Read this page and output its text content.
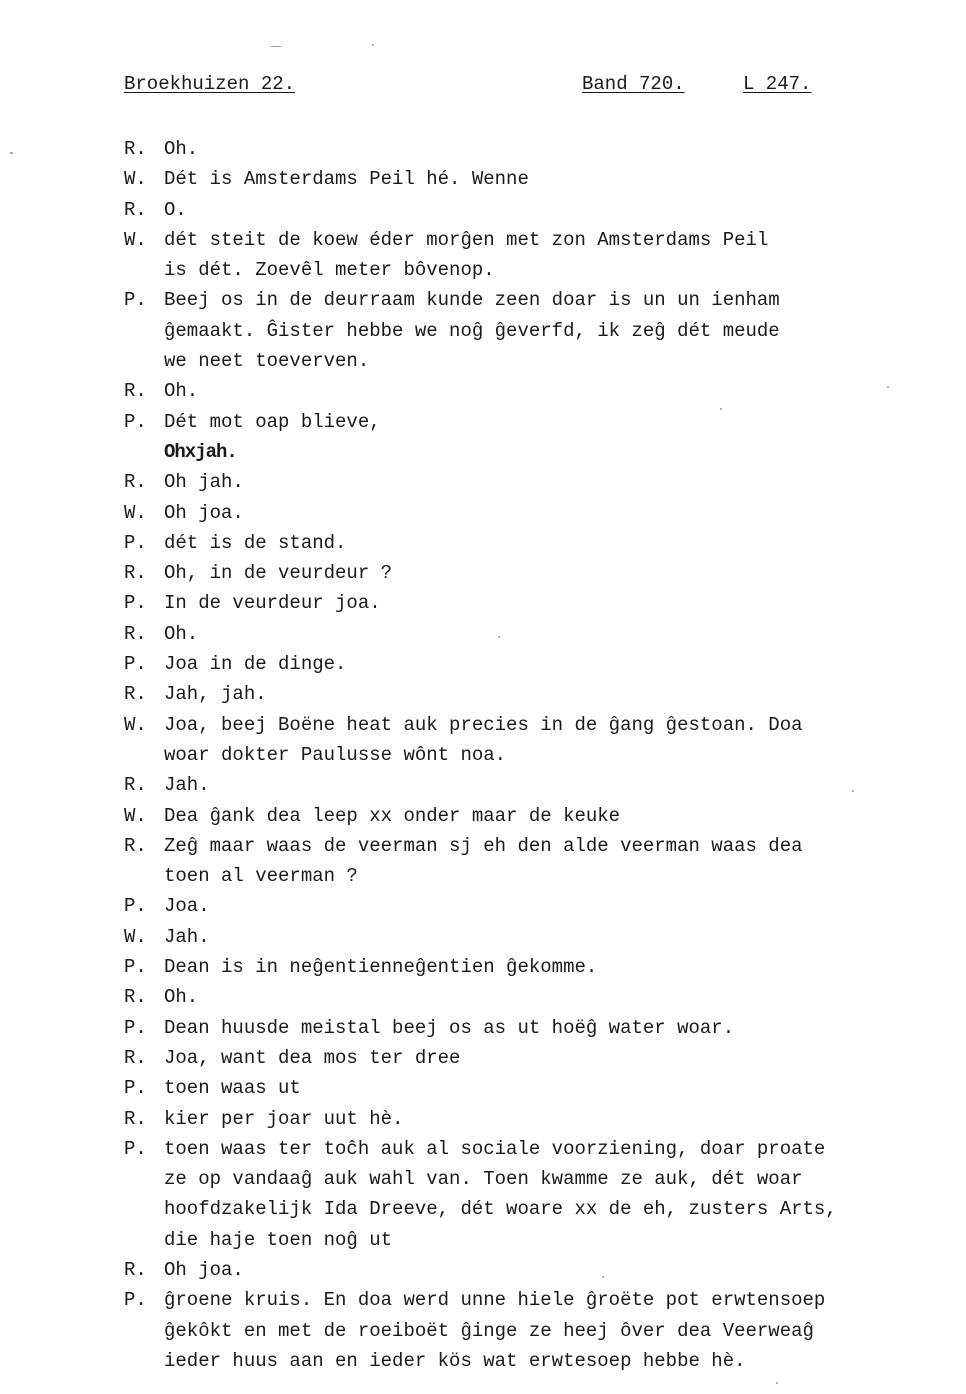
Broekhuizen 22.	Band 720.	L 247.
R. Oh.
W. Dét is Amsterdams Peil hé. Wenne
R. O.
W. dét steit de koew éder morĝen met zon Amsterdams Peil
is dét. Zoevêl meter bôvenop.
P. Beej os in de deurraam kunde zeen doar is un un ienham
ĝemaakt. Ĝister hebbe we noĝ ĝeverfd, ik zeĝ dét meude
we neet toeverven.
R. Oh.
P. Dét mot oap blieve,
Ohxjah.
R. Oh jah.
W. Oh joa.
P. dét is de stand.
R. Oh, in de veurdeur ?
P. In de veurdeur joa.
R. Oh.
P. Joa in de dinge.
R. Jah, jah.
W. Joa, beej Boëne heat auk precies in de ĝang ĝestoan. Doa
woar dokter Paulusse wônt noa.
R. Jah.
W. Dea ĝank dea leep xx onder maar de keuke
R. Zeĝ maar waas de veerman sj eh den alde veerman waas dea
toen al veerman ?
P. Joa.
W. Jah.
P. Dean is in neĝentienneĝentien ĝekomme.
R. Oh.
P. Dean huusde meistal beej os as ut hoëĝ water woar.
R. Joa, want dea mos ter dree
P. toen waas ut
R. kier per joar uut hè.
P. toen waas ter toĉh auk al sociale voorziening, doar proate
ze op vandaaĝ auk wahl van. Toen kwamme ze auk, dét woar
hoofdzakelijk Ida Dreeve, dét woare xx de eh, zusters Arts,
die haje toen noĝ ut
R. Oh joa.
P. ĝroene kruis. En doa werd unne hiele ĝroëte pot erwtensoep
ĝekôkt en met de roeiboët ĝinge ze heej ôver dea Veerweaĝ
ieder huus aan en ieder kös wat erwtesoep hebbe hè.
